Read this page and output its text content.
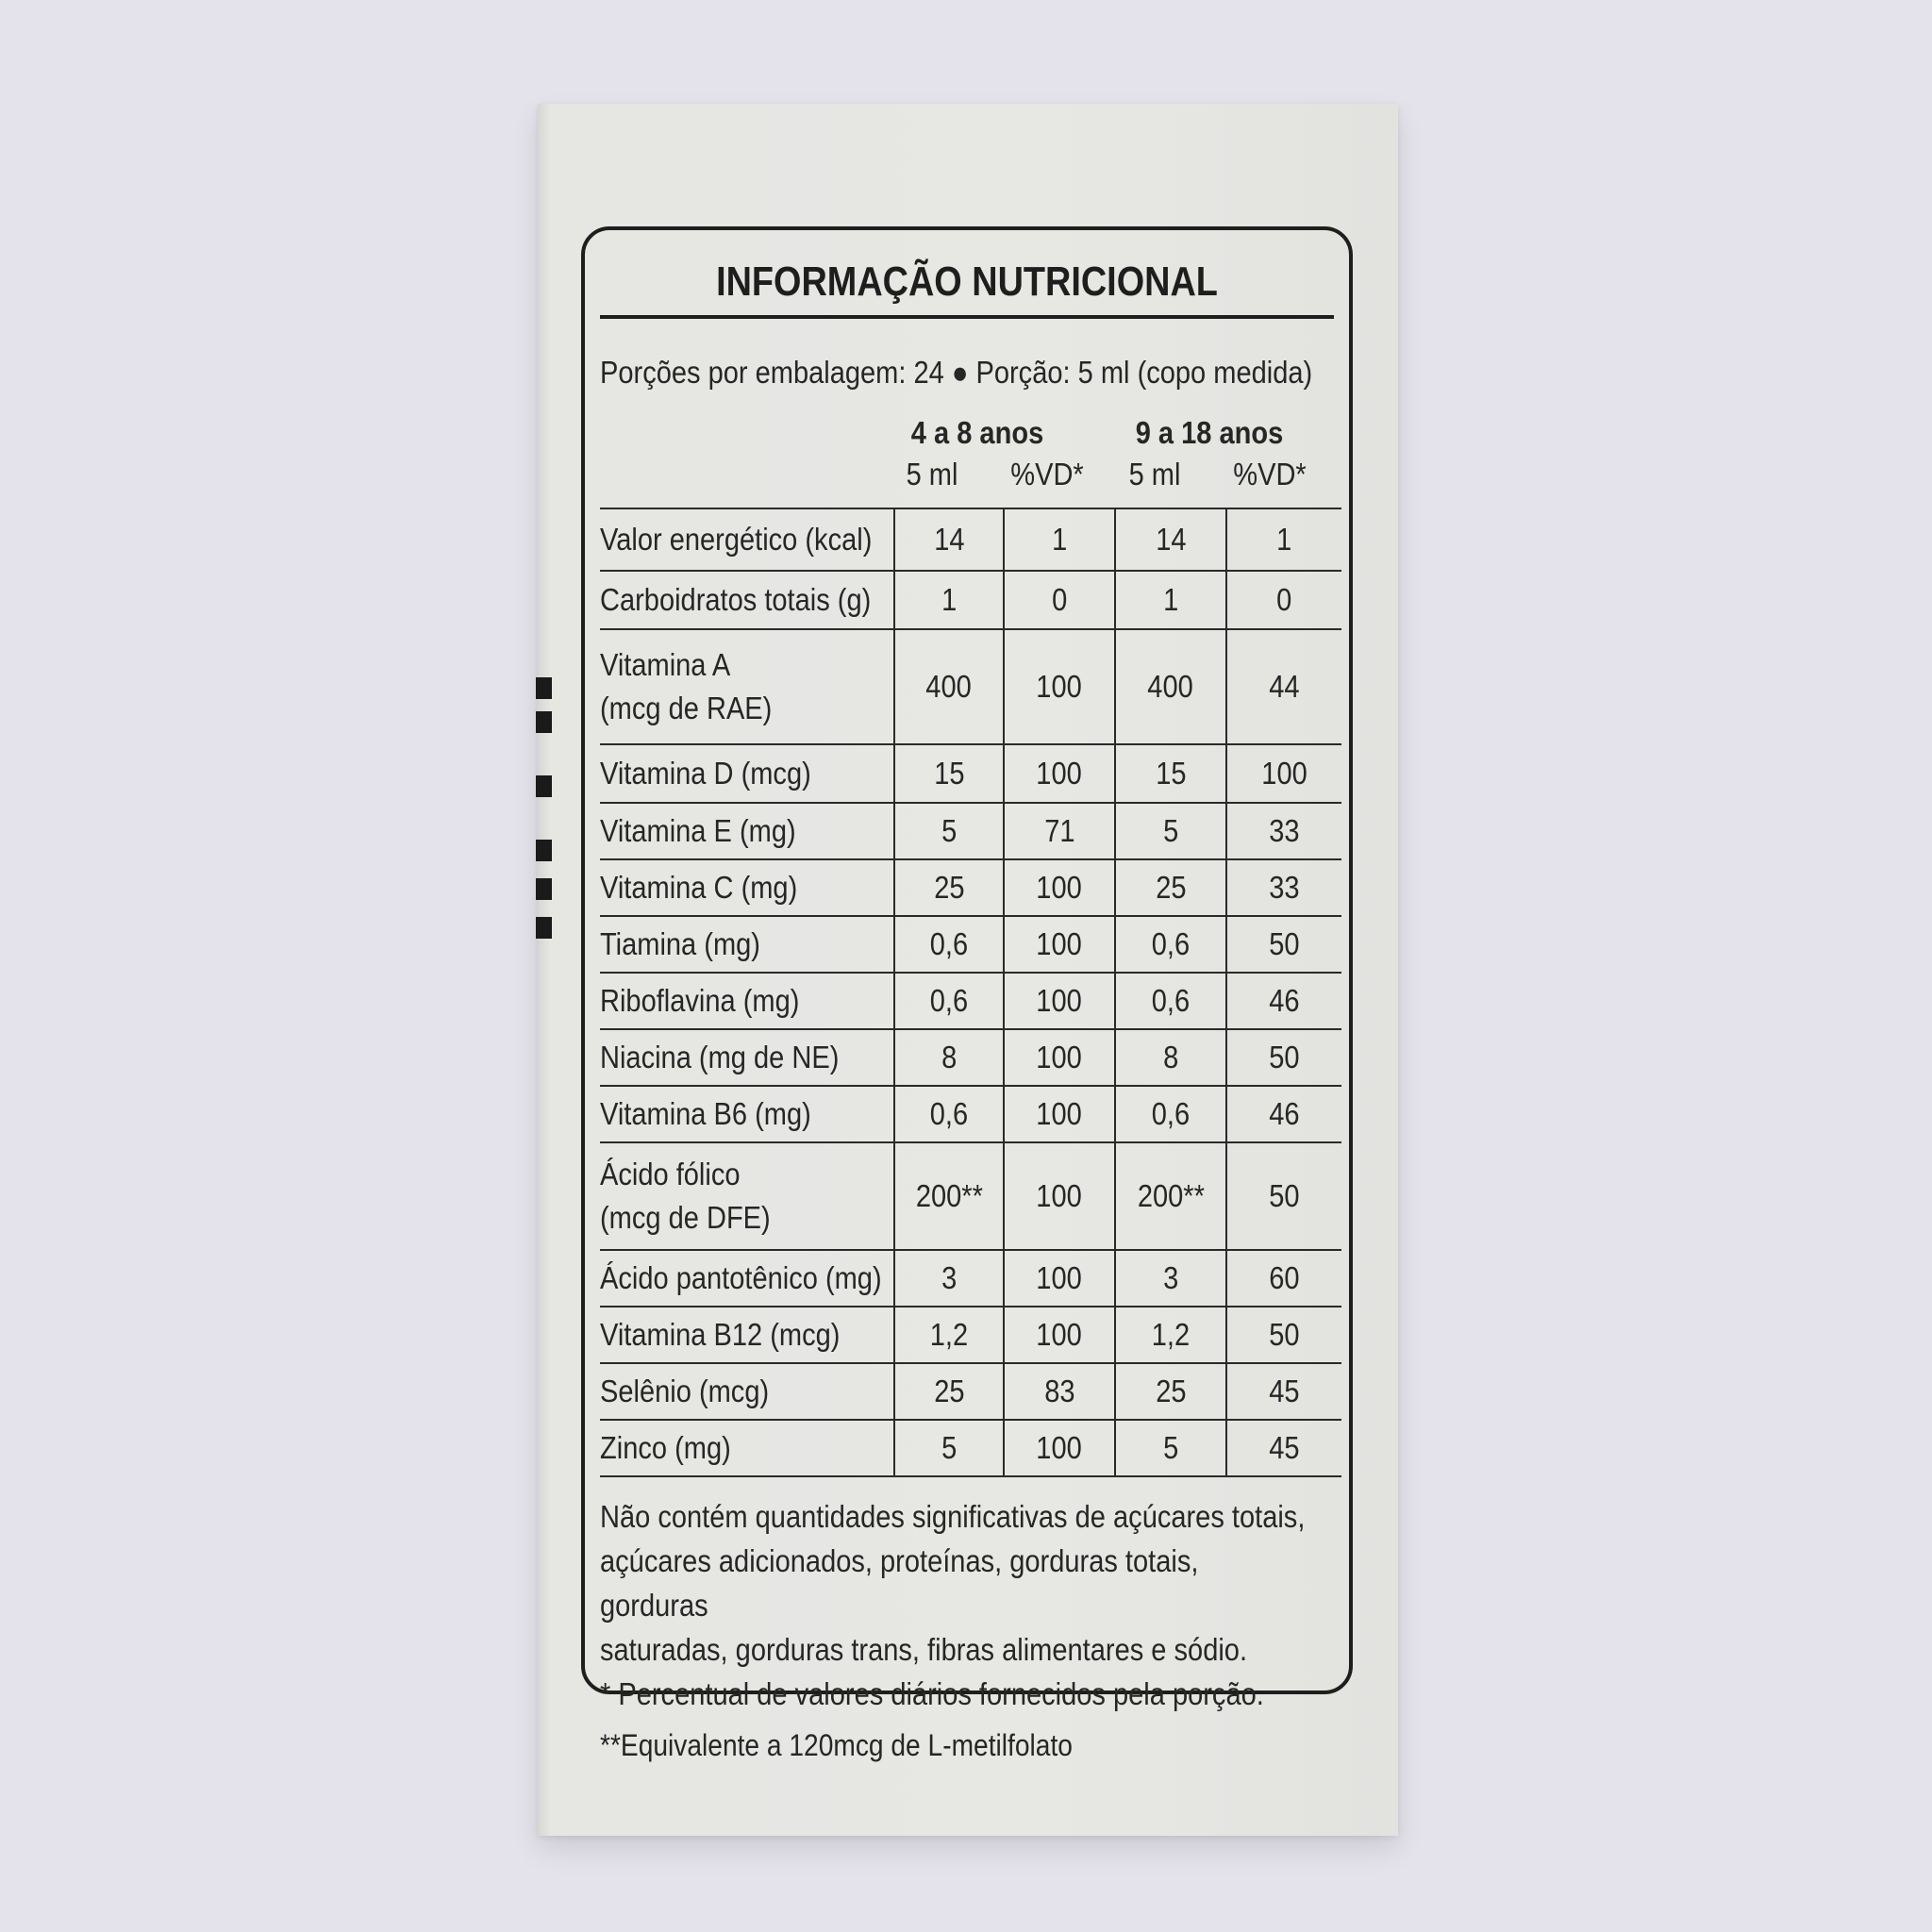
INFORMAÇÃO NUTRICIONAL
Porções por embalagem: 24 ● Porção: 5 ml (copo medida)
4 a 8 anos	9 a 18 anos
5 ml %VD* 5 ml %VD*
Valor energético (kcal)	14	1	14	1

Carboidratos totais (g)	1	0	1	0

Vitamina A
(mcg de RAE)	400	100	400	44

Vitamina D (mcg)	15	100	15	100

Vitamina E (mg)	5	71	5	33

Vitamina C (mg)	25	100	25	33

Tiamina (mg)	0,6	100	0,6	50

Riboflavina (mg)	0,6	100	0,6	46

Niacina (mg de NE)	8	100	8	50

Vitamina B6 (mg)	0,6	100	0,6	46

Ácido fólico
(mcg de DFE)	200**	100	200**	50

Ácido pantotênico (mg)	3	100	3	60

Vitamina B12 (mcg)	1,2	100	1,2	50

Selênio (mcg)	25	83	25	45

Zinco (mg)	5	100	5	45
Não contém quantidades significativas de açúcares totais,
açúcares adicionados, proteínas, gorduras totais, gorduras
saturadas, gorduras trans, fibras alimentares e sódio.
* Percentual de valores diários fornecidos pela porção.
**Equivalente a 120mcg de L-metilfolato
